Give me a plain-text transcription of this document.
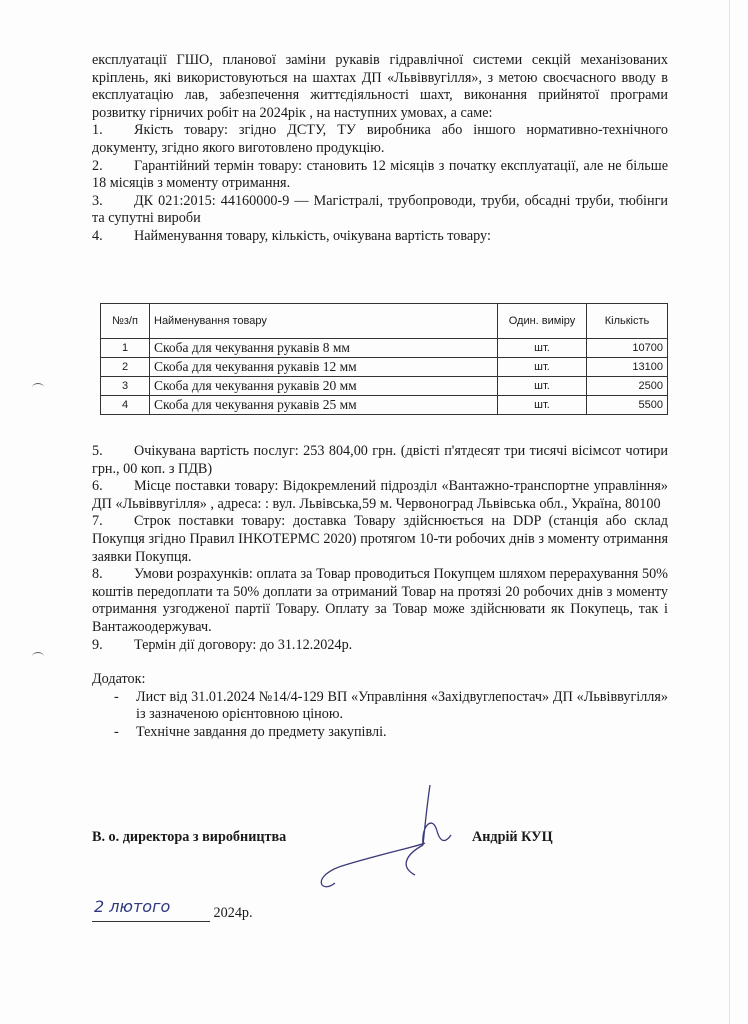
експлуатації ГШО, планової заміни рукавів гідравлічної системи секцій механізованих кріплень, які використовуються на шахтах ДП «Львіввугілля», з метою своєчасного вводу в експлуатацію лав, забезпечення життєдіяльності шахт, виконання прийнятої програми розвитку гірничих робіт на 2024рік , на наступних умовах, а саме:

1. Якість товару: згідно ДСТУ, ТУ виробника або іншого нормативно-технічного документу, згідно якого виготовлено продукцію.

2. Гарантійний термін товару: становить 12 місяців з початку експлуатації, але не більше 18 місяців з моменту отримання.

3. ДК 021:2015: 44160000-9 — Магістралі, трубопроводи, труби, обсадні труби, тюбінги та супутні вироби

4. Найменування товару, кількість, очікувана вартість товару:

№з/п	Найменування товару	Один. виміру	Кількість
1	Скоба для чекування рукавів 8 мм	шт.	10700
2	Скоба для чекування рукавів 12 мм	шт.	13100
3	Скоба для чекування рукавів 20 мм	шт.	2500
4	Скоба для чекування рукавів 25 мм	шт.	5500

5. Очікувана вартість послуг: 253 804,00 грн. (двісті п'ятдесят три тисячі вісімсот чотири грн., 00 коп. з ПДВ)

6. Місце поставки товару: Відокремлений підрозділ «Вантажно-транспортне управління» ДП «Львіввугілля» , адреса: : вул. Львівська,59 м. Червоноград Львівська обл., Україна, 80100

7. Строк поставки товару: доставка Товару здійснюється на DDP (станція або склад Покупця згідно Правил ІНКОТЕРМС 2020) протягом 10-ти робочих днів з моменту отримання заявки Покупця.

8. Умови розрахунків: оплата за Товар проводиться Покупцем шляхом перерахування 50% коштів передоплати та 50% доплати за отриманий Товар на протязі 20 робочих днів з моменту отримання узгодженої партії Товару. Оплату за Товар може здійснювати як Покупець, так і Вантажоодержувач.

9. Термін дії договору: до 31.12.2024р.

Додаток:

-	Лист від 31.01.2024 №14/4-129 ВП «Управління «Західвуглепостач» ДП «Львіввугілля» із зазначеною орієнтовною ціною.
-	Технічне завдання до предмету закупівлі.
В. о. директора з виробництва	Андрій КУЦ
2 лютого	2024р.
